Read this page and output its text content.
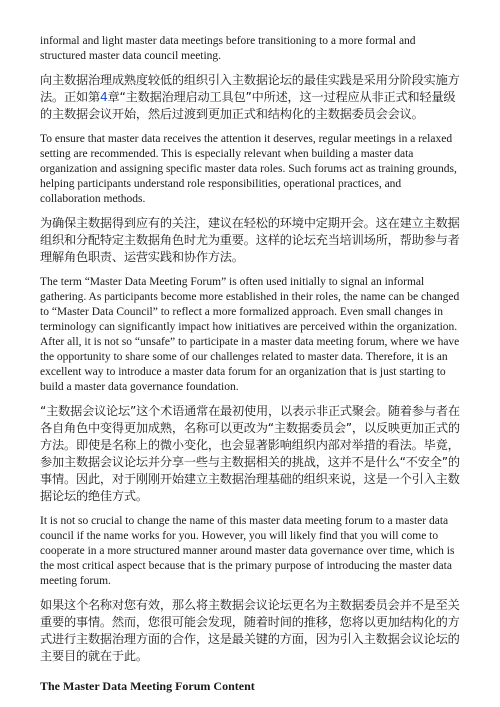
informal and light master data meetings before transitioning to a more formal and structured master data council meeting.

向主数据治理成熟度较低的组织引入主数据论坛的最佳实践是采用分阶段实施方法。正如第4章“主数据治理启动工具包”中所述，这一过程应从非正式和轻量级的主数据会议开始，然后过渡到更加正式和结构化的主数据委员会会议。

To ensure that master data receives the attention it deserves, regular meetings in a relaxed setting are recommended. This is especially relevant when building a master data organization and assigning specific master data roles. Such forums act as training grounds, helping participants understand role responsibilities, operational practices, and collaboration methods.

为确保主数据得到应有的关注，建议在轻松的环境中定期开会。这在建立主数据组织和分配特定主数据角色时尤为重要。这样的论坛充当培训场所，帮助参与者理解角色职责、运营实践和协作方法。

The term “Master Data Meeting Forum” is often used initially to signal an informal gathering. As participants become more established in their roles, the name can be changed to “Master Data Council” to reflect a more formalized approach. Even small changes in terminology can significantly impact how initiatives are perceived within the organization. After all, it is not so “unsafe” to participate in a master data meeting forum, where we have the opportunity to share some of our challenges related to master data. Therefore, it is an excellent way to introduce a master data forum for an organization that is just starting to build a master data governance foundation.

“主数据会议论坛”这个术语通常在最初使用，以表示非正式聚会。随着参与者在各自角色中变得更加成熟，名称可以更改为“主数据委员会”，以反映更加正式的方法。即使是名称上的微小变化，也会显著影响组织内部对举措的看法。毕竟，参加主数据会议论坛并分享一些与主数据相关的挑战，这并不是什么“不安全”的事情。因此，对于刚刚开始建立主数据治理基础的组织来说，这是一个引入主数据论坛的绝佳方式。

It is not so crucial to change the name of this master data meeting forum to a master data council if the name works for you. However, you will likely find that you will come to cooperate in a more structured manner around master data governance over time, which is the most critical aspect because that is the primary purpose of introducing the master data meeting forum.

如果这个名称对您有效，那么将主数据会议论坛更名为主数据委员会并不是至关重要的事情。然而，您很可能会发现，随着时间的推移，您将以更加结构化的方式进行主数据治理方面的合作，这是最关键的方面，因为引入主数据会议论坛的主要目的就在于此。

The Master Data Meeting Forum Content
